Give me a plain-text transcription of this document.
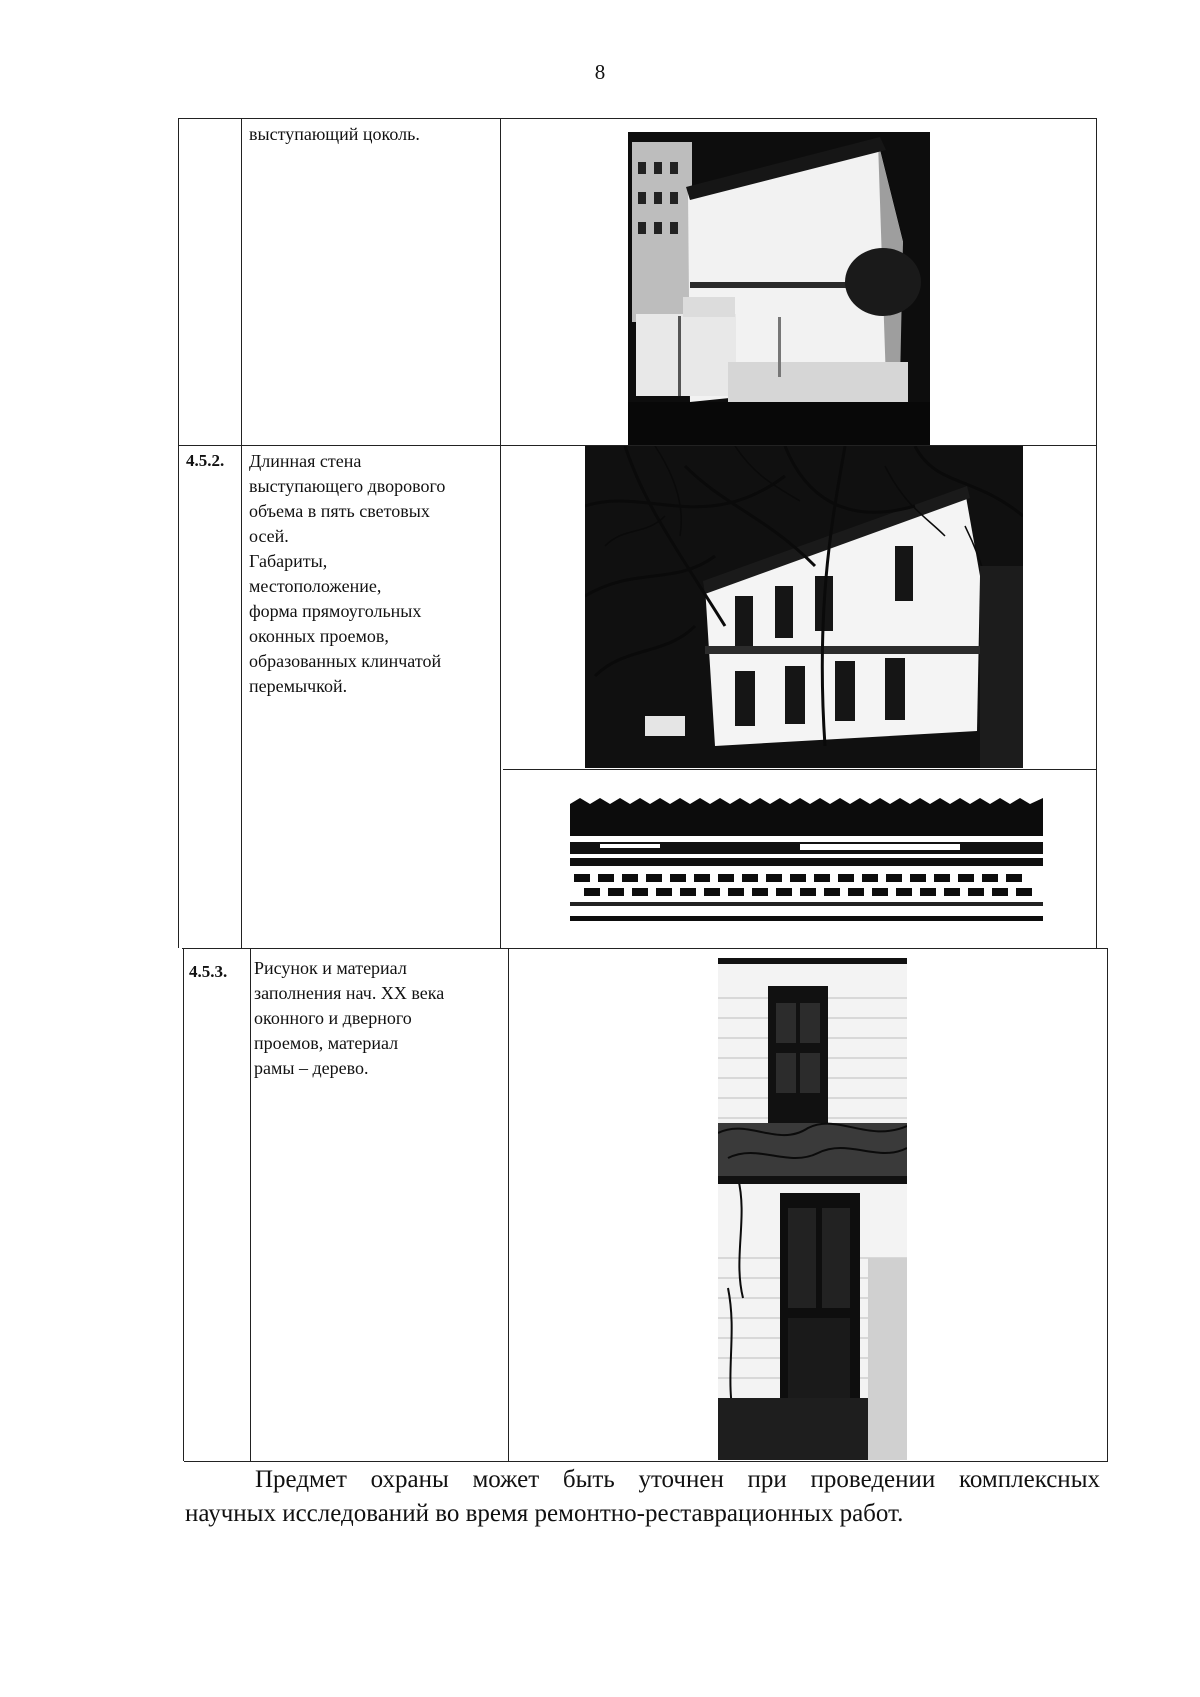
8
выступающий цоколь.
4.5.2. Длинная стена
выступающего дворового
объема в пять световых
осей.
Габариты,
местоположение,
форма прямоугольных
оконных проемов,
образованных клинчатой
перемычкой.
4.5.3. Рисунок и материал
заполнения нач. XX века
оконного и дверного
проемов, материал
рамы – дерево.
Предмет охраны может быть уточнен при проведении комплексных научных исследований во время ремонтно-реставрационных работ.
